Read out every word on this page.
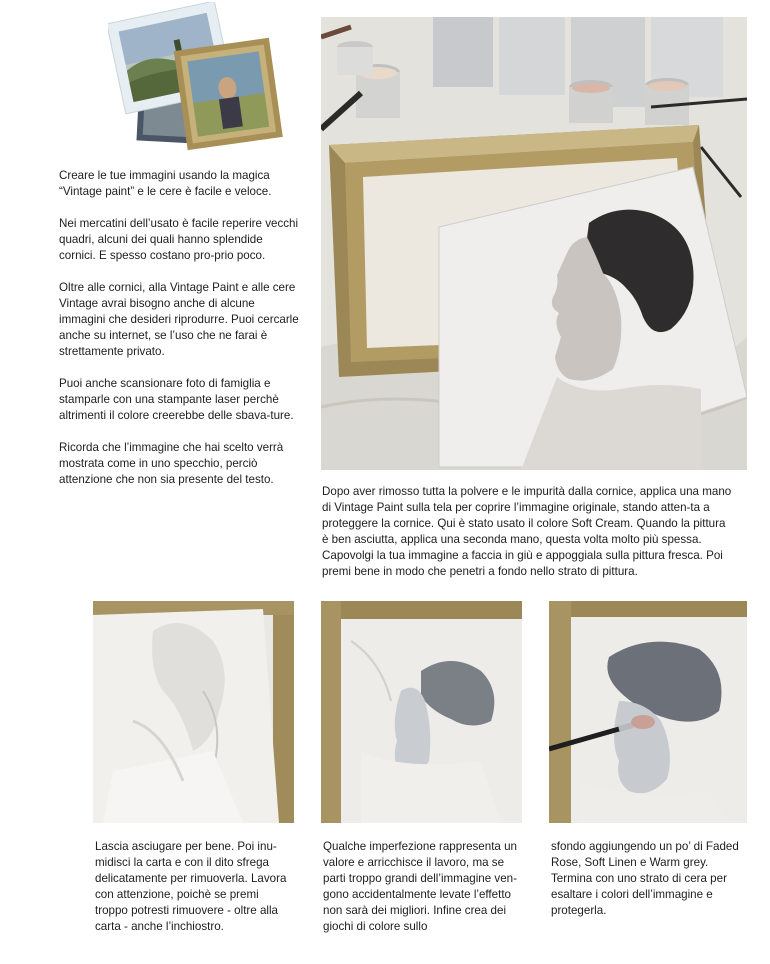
Creare le tue immagini usando la magica “Vintage paint” e le cere è facile e veloce.

Nei mercatini dell’usato è facile reperire vecchi quadri, alcuni dei quali hanno splendide cornici. E spesso costano pro-prio poco.

Oltre alle cornici, alla Vintage Paint e alle cere Vintage avrai bisogno anche di alcune immagini che desideri riprodurre. Puoi cercarle anche su internet, se l’uso che ne farai è strettamente privato.

Puoi anche scansionare foto di famiglia e stamparle con una stampante laser perchè altrimenti il colore creerebbe delle sbava-ture.

Ricorda che l’immagine che hai scelto verrà mostrata come in uno specchio, perciò attenzione che non sia presente del testo.

Dopo aver rimosso tutta la polvere e le impurità dalla cornice, applica una mano di Vintage Paint sulla tela per coprire l’immagine originale, stando atten-ta a proteggere la cornice. Qui è stato usato il colore Soft Cream. Quando la pittura è ben asciutta, applica una seconda mano, questa volta molto più spessa. Capovolgi la tua immagine a faccia in giù e appoggiala sulla pittura fresca. Poi premi bene in modo che penetri a fondo nello strato di pittura.

Lascia asciugare per bene. Poi inu-midisci la carta e con il dito sfrega delicatamente per rimuoverla. Lavora con attenzione, poichè se premi troppo potresti rimuovere - oltre alla carta - anche l’inchiostro.

Qualche imperfezione rappresenta un valore e arricchisce il lavoro, ma se parti troppo grandi dell’immagine ven-gono accidentalmente levate l’effetto non sarà dei migliori. Infine crea dei giochi di colore sullo

sfondo aggiungendo un po’ di Faded Rose, Soft Linen e Warm grey. Termina con uno strato di cera per esaltare i colori dell’immagine e protegerla.
